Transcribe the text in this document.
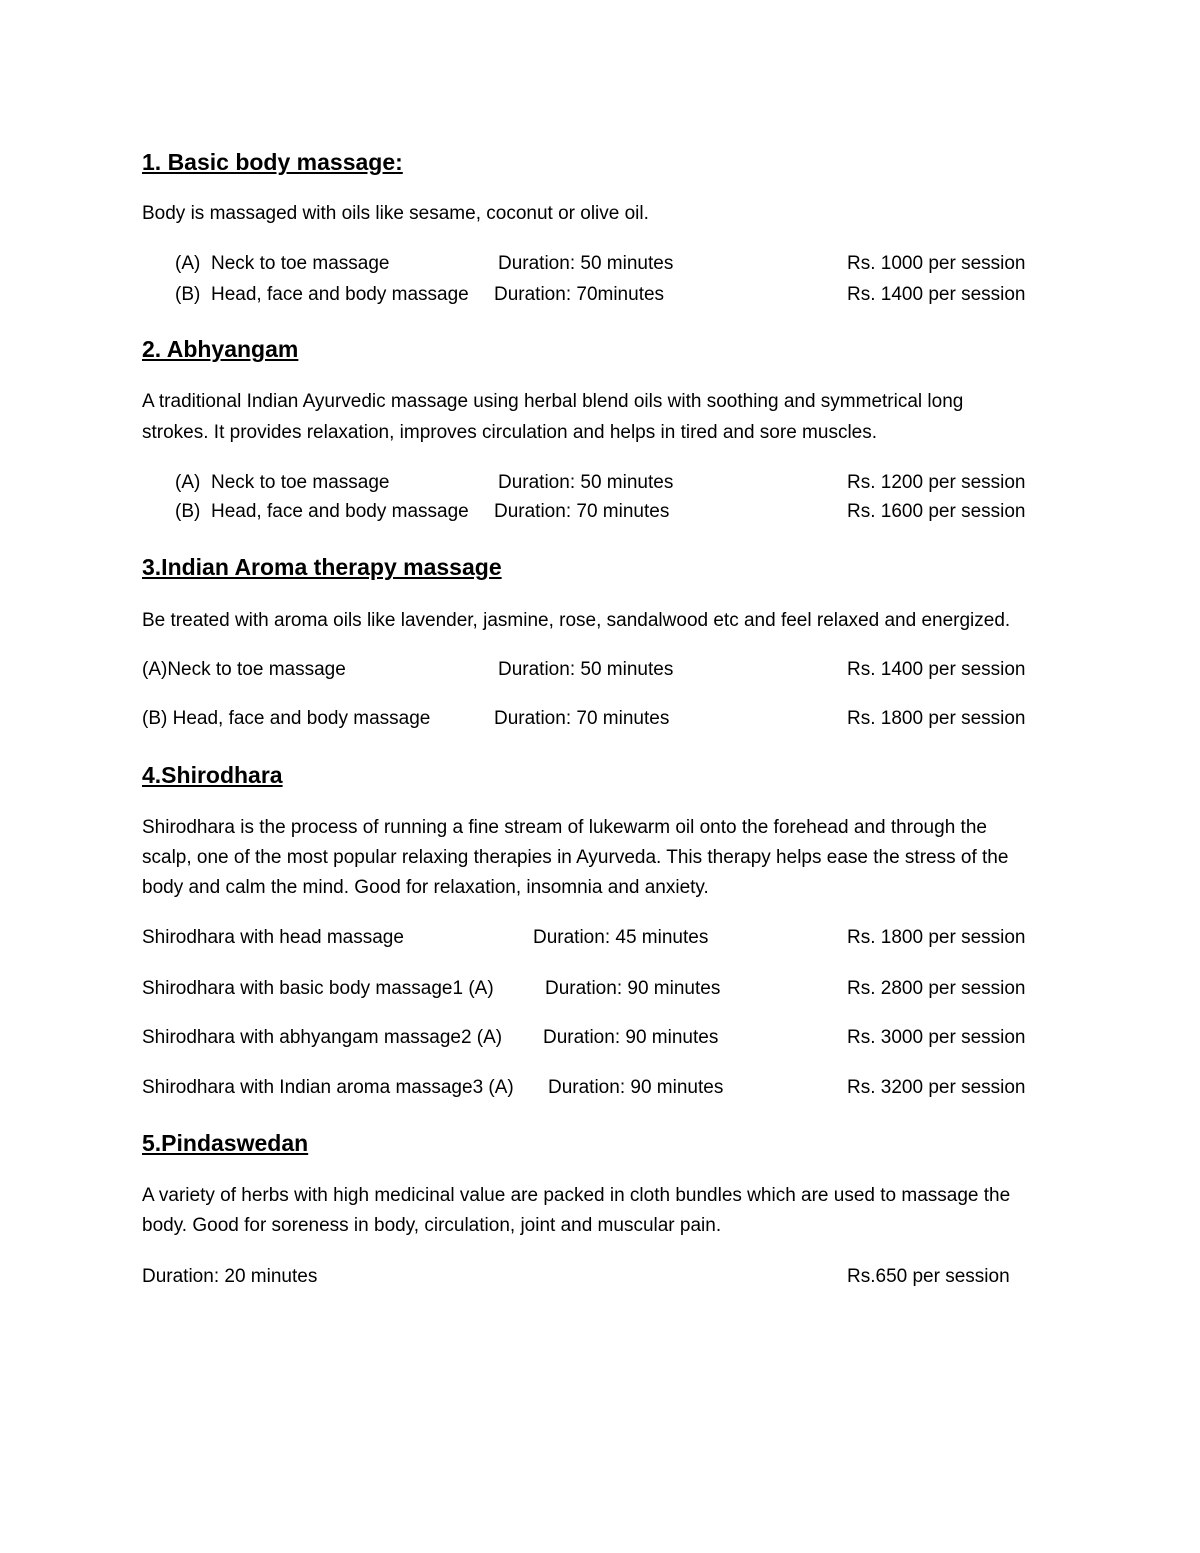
1. Basic body massage:
Body is massaged with oils like sesame, coconut or olive oil.
(A) Neck to toe massage	Duration: 50 minutes	Rs. 1000 per session
(B) Head, face and body massage Duration: 70minutes	Rs. 1400 per session
2. Abhyangam
A traditional Indian Ayurvedic massage using herbal blend oils with soothing and symmetrical long
strokes. It provides relaxation, improves circulation and helps in tired and sore muscles.
(A) Neck to toe massage	Duration: 50 minutes	Rs. 1200 per session
(B) Head, face and body massage Duration: 70 minutes	Rs. 1600 per session
3.Indian Aroma therapy massage
Be treated with aroma oils like lavender, jasmine, rose, sandalwood etc and feel relaxed and energized.
(A)Neck to toe massage	Duration: 50 minutes	Rs. 1400 per session
(B) Head, face and body massage	Duration: 70 minutes	Rs. 1800 per session
4.Shirodhara
Shirodhara is the process of running a fine stream of lukewarm oil onto the forehead and through the
scalp, one of the most popular relaxing therapies in Ayurveda. This therapy helps ease the stress of the
body and calm the mind. Good for relaxation, insomnia and anxiety.
Shirodhara with head massage	Duration: 45 minutes	Rs. 1800 per session
Shirodhara with basic body massage1 (A)	Duration: 90 minutes	Rs. 2800 per session
Shirodhara with abhyangam massage2 (A) Duration: 90 minutes	Rs. 3000 per session
Shirodhara with Indian aroma massage3 (A) Duration: 90 minutes	Rs. 3200 per session
5.Pindaswedan
A variety of herbs with high medicinal value are packed in cloth bundles which are used to massage the
body. Good for soreness in body, circulation, joint and muscular pain.
Duration: 20 minutes	Rs.650 per session
